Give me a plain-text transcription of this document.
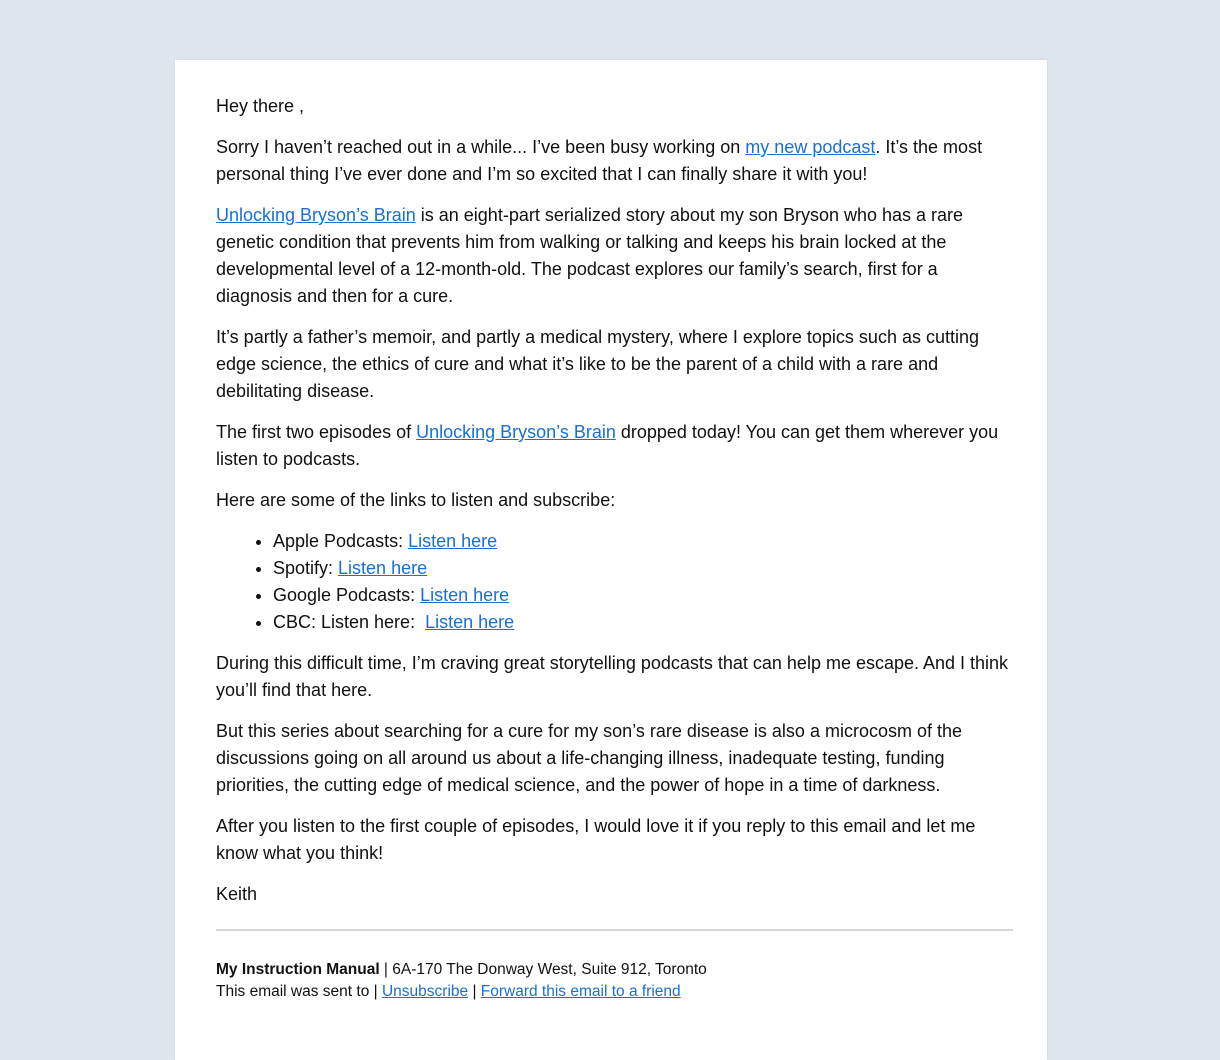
Hey there ,

Sorry I haven’t reached out in a while... I’ve been busy working on my new podcast. It’s the most personal thing I’ve ever done and I’m so excited that I can finally share it with you!

Unlocking Bryson’s Brain is an eight-part serialized story about my son Bryson who has a rare genetic condition that prevents him from walking or talking and keeps his brain locked at the developmental level of a 12-month-old. The podcast explores our family’s search, first for a diagnosis and then for a cure.

It’s partly a father’s memoir, and partly a medical mystery, where I explore topics such as cutting edge science, the ethics of cure and what it’s like to be the parent of a child with a rare and debilitating disease.

The first two episodes of Unlocking Bryson’s Brain dropped today! You can get them wherever you listen to podcasts.

Here are some of the links to listen and subscribe:

• Apple Podcasts: Listen here
• Spotify: Listen here
• Google Podcasts: Listen here
• CBC: Listen here:  Listen here

During this difficult time, I’m craving great storytelling podcasts that can help me escape. And I think you’ll find that here.

But this series about searching for a cure for my son’s rare disease is also a microcosm of the discussions going on all around us about a life-changing illness, inadequate testing, funding priorities, the cutting edge of medical science, and the power of hope in a time of darkness.

After you listen to the first couple of episodes, I would love it if you reply to this email and let me know what you think!

Keith

My Instruction Manual | 6A-170 The Donway West, Suite 912, Toronto

This email was sent to | Unsubscribe | Forward this email to a friend
